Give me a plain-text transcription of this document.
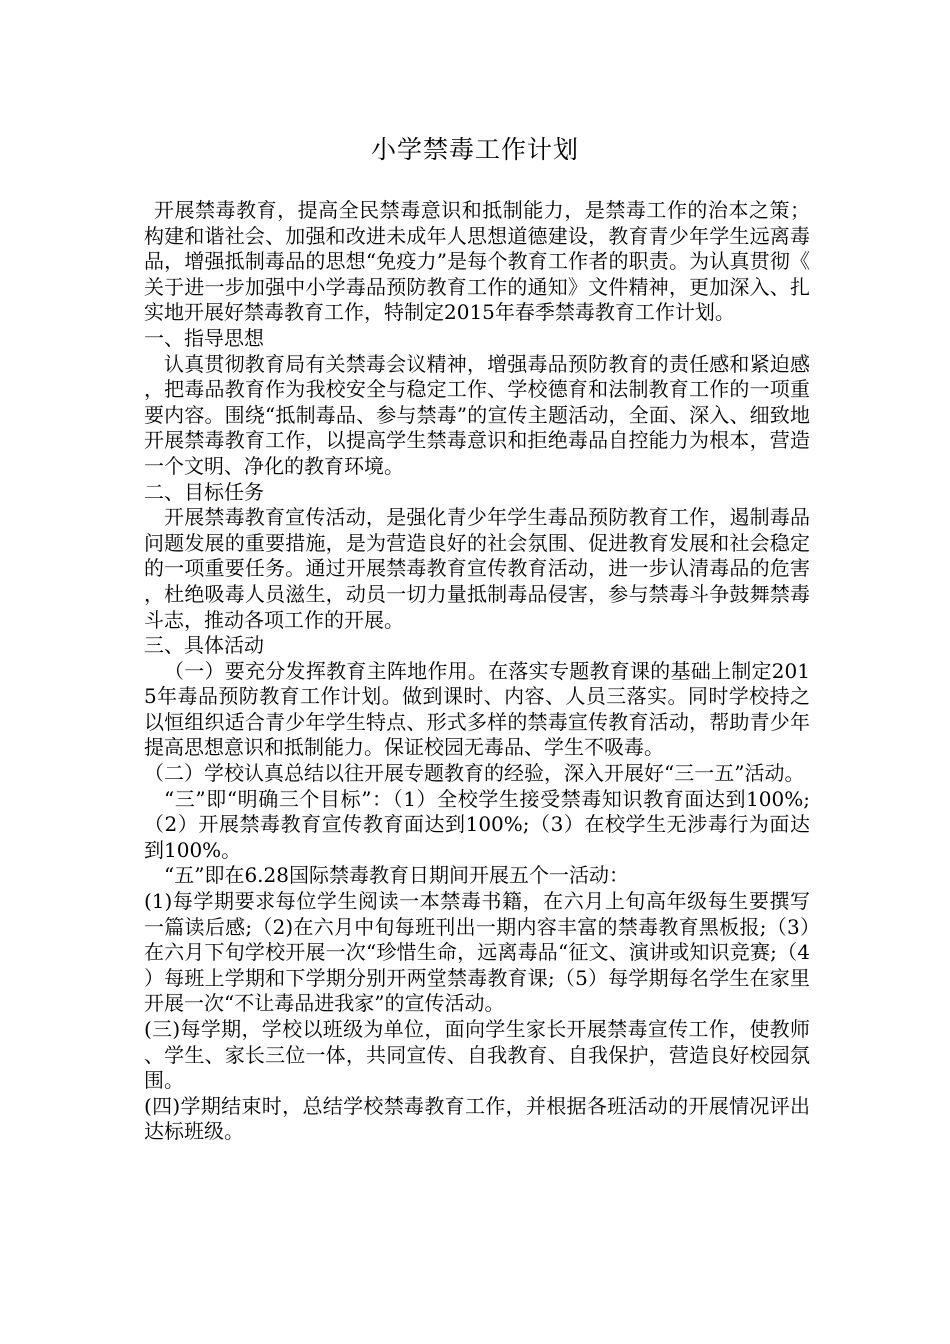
小学禁毒工作计划

开展禁毒教育，提高全民禁毒意识和抵制能力，是禁毒工作的治本之策；构建和谐社会、加强和改进未成年人思想道德建设，教育青少年学生远离毒品，增强抵制毒品的思想“免疫力”是每个教育工作者的职责。为认真贯彻《关于进一步加强中小学毒品预防教育工作的通知》文件精神，更加深入、扎实地开展好禁毒教育工作，特制定2015年春季禁毒教育工作计划。

一、指导思想

认真贯彻教育局有关禁毒会议精神，增强毒品预防教育的责任感和紧迫感，把毒品教育作为我校安全与稳定工作、学校德育和法制教育工作的一项重要内容。围绕“抵制毒品、参与禁毒”的宣传主题活动，全面、深入、细致地开展禁毒教育工作，以提高学生禁毒意识和拒绝毒品自控能力为根本，营造一个文明、净化的教育环境。

二、目标任务

开展禁毒教育宣传活动，是强化青少年学生毒品预防教育工作，遏制毒品问题发展的重要措施，是为营造良好的社会氛围、促进教育发展和社会稳定的一项重要任务。通过开展禁毒教育宣传教育活动，进一步认清毒品的危害，杜绝吸毒人员滋生，动员一切力量抵制毒品侵害，参与禁毒斗争鼓舞禁毒斗志，推动各项工作的开展。

三、具体活动

（一）要充分发挥教育主阵地作用。在落实专题教育课的基础上制定2015年毒品预防教育工作计划。做到课时、内容、人员三落实。同时学校持之以恒组织适合青少年学生特点、形式多样的禁毒宣传教育活动，帮助青少年提高思想意识和抵制能力。保证校园无毒品、学生不吸毒。

（二）学校认真总结以往开展专题教育的经验，深入开展好“三一五”活动。

“三”即“明确三个目标”：（1）全校学生接受禁毒知识教育面达到100%;（2）开展禁毒教育宣传教育面达到100%;（3）在校学生无涉毒行为面达到100%。

“五”即在6.28国际禁毒教育日期间开展五个一活动：

(1)每学期要求每位学生阅读一本禁毒书籍，在六月上旬高年级每生要撰写一篇读后感;（2)在六月中旬每班刊出一期内容丰富的禁毒教育黑板报;（3）在六月下旬学校开展一次“珍惜生命，远离毒品“征文、演讲或知识竞赛;（4）每班上学期和下学期分别开两堂禁毒教育课;（5）每学期每名学生在家里开展一次“不让毒品进我家”的宣传活动。

(三)每学期，学校以班级为单位，面向学生家长开展禁毒宣传工作，使教师、学生、家长三位一体，共同宣传、自我教育、自我保护，营造良好校园氛围。

(四)学期结束时，总结学校禁毒教育工作，并根据各班活动的开展情况评出达标班级。
